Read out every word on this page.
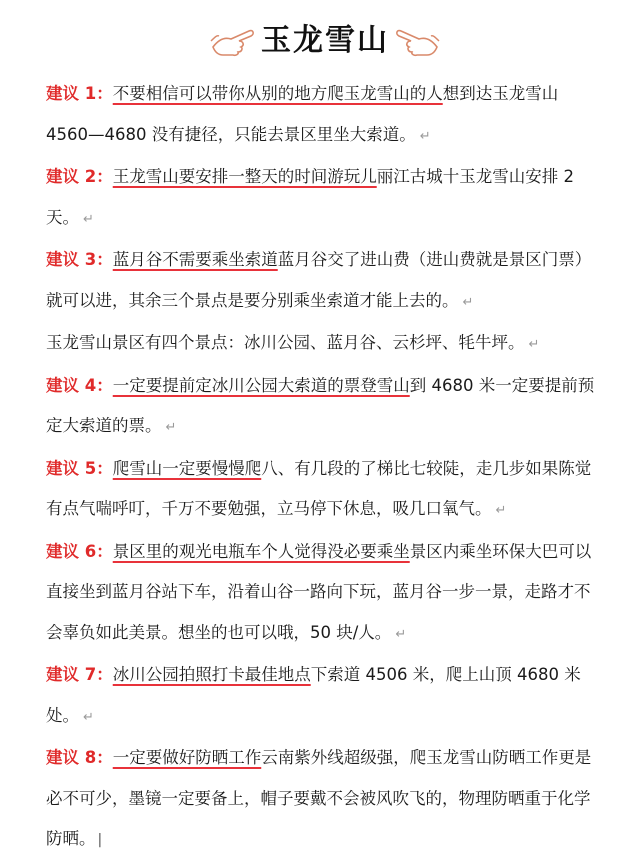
玉龙雪山

建议 1：不要相信可以带你从别的地方爬玉龙雪山的人想到达玉龙雪山 4560—4680 没有捷径，只能去景区里坐大索道。 ↵

建议 2：王龙雪山要安排一整天的时间游玩儿丽江古城十玉龙雪山安排 2 天。 ↵

建议 3：蓝月谷不需要乘坐索道蓝月谷交了进山费（进山费就是景区门票）就可以进，其余三个景点是要分别乘坐索道才能上去的。 ↵

玉龙雪山景区有四个景点：冰川公园、蓝月谷、云杉坪、牦牛坪。 ↵

建议 4：一定要提前定冰川公园大索道的票登雪山到 4680 米一定要提前预定大索道的票。 ↵

建议 5：爬雪山一定要慢慢爬八、有几段的了梯比七较陡，走几步如果陈觉有点气喘呼叮，千万不要勉强，立马停下休息，吸几口氧气。 ↵

建议 6：景区里的观光电瓶车个人觉得没必要乘坐景区内乘坐环保大巴可以直接坐到蓝月谷站下车，沿着山谷一路向下玩，蓝月谷一步一景，走路才不会辜负如此美景。想坐的也可以哦，50 块/人。 ↵

建议 7：冰川公园拍照打卡最佳地点下索道 4506 米，爬上山顶 4680 米处。 ↵

建议 8：一定要做好防晒工作云南紫外线超级强，爬玉龙雪山防晒工作更是必不可少，墨镜一定要备上，帽子要戴不会被风吹飞的，物理防晒重于化学防晒。 |
